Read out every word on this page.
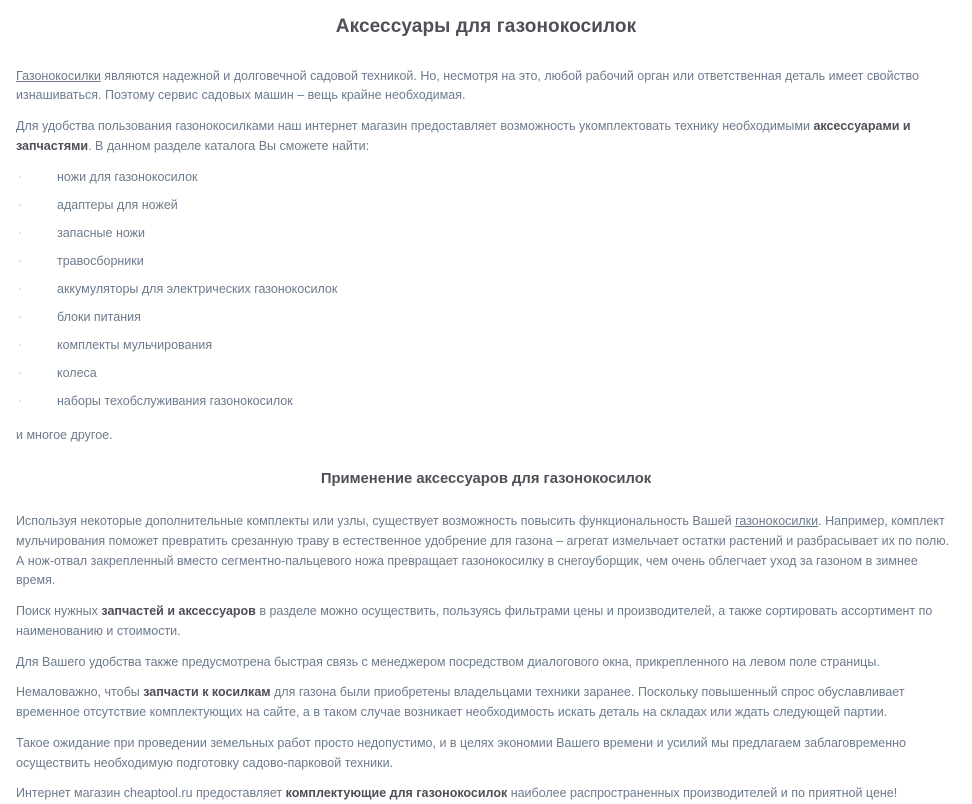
Аксессуары для газонокосилок

Газонокосилки являются надежной и долговечной садовой техникой. Но, несмотря на это, любой рабочий орган или ответственная деталь имеет свойство изнашиваться. Поэтому сервис садовых машин – вещь крайне необходимая.

Для удобства пользования газонокосилками наш интернет магазин предоставляет возможность укомплектовать технику необходимыми аксессуарами и запчастями. В данном разделе каталога Вы сможете найти:

·	ножи для газонокосилок
·	адаптеры для ножей
·	запасные ножи
·	травосборники
·	аккумуляторы для электрических газонокосилок
·	блоки питания
·	комплекты мульчирования
·	колеса
·	наборы техобслуживания газонокосилок

и многое другое.

Применение аксессуаров для газонокосилок

Используя некоторые дополнительные комплекты или узлы, существует возможность повысить функциональность Вашей газонокосилки. Например, комплект мульчирования поможет превратить срезанную траву в естественное удобрение для газона – агрегат измельчает остатки растений и разбрасывает их по полю. А нож-отвал закрепленный вместо сегментно-пальцевого ножа превращает газонокосилку в снегоуборщик, чем очень облегчает уход за газоном в зимнее время.

Поиск нужных запчастей и аксессуаров в разделе можно осуществить, пользуясь фильтрами цены и производителей, а также сортировать ассортимент по наименованию и стоимости.

Для Вашего удобства также предусмотрена быстрая связь с менеджером посредством диалогового окна, прикрепленного на левом поле страницы.

Немаловажно, чтобы запчасти к косилкам для газона были приобретены владельцами техники заранее. Поскольку повышенный спрос обуславливает временное отсутствие комплектующих на сайте, а в таком случае возникает необходимость искать деталь на складах или ждать следующей партии.

Такое ожидание при проведении земельных работ просто недопустимо, и в целях экономии Вашего времени и усилий мы предлагаем заблаговременно осуществить необходимую подготовку садово-парковой техники.

Интернет магазин cheaptool.ru предоставляет комплектующие для газонокосилок наиболее распространенных производителей и по приятной цене!
